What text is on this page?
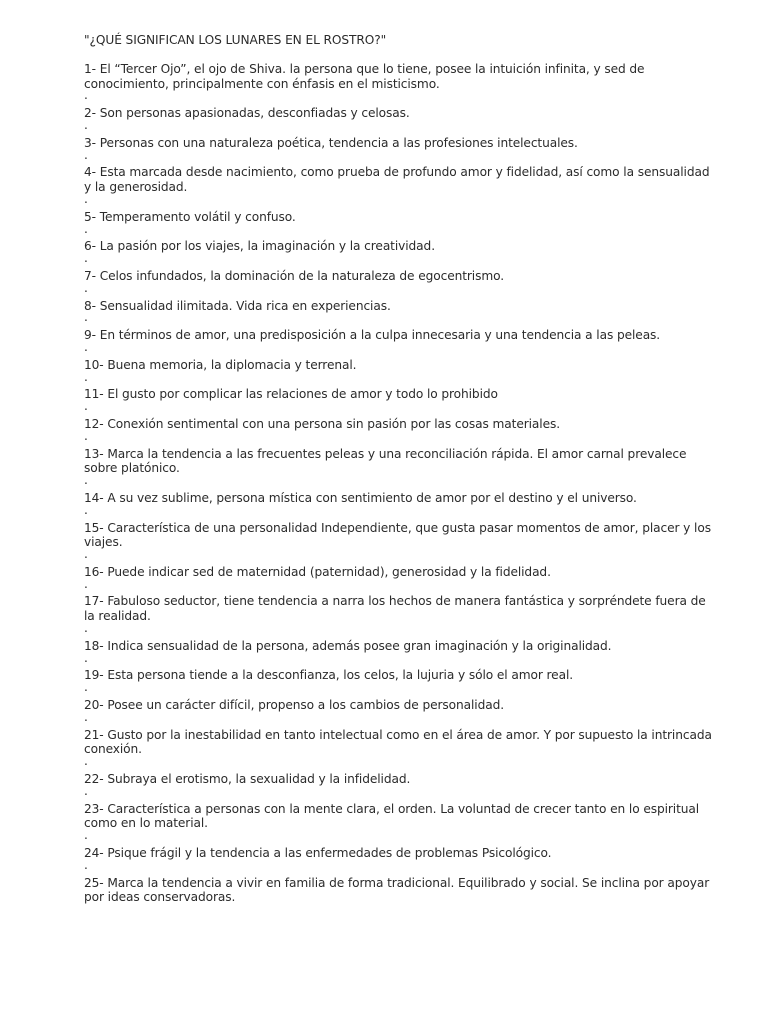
"¿QUÉ SIGNIFICAN LOS LUNARES EN EL ROSTRO?"

1- El “Tercer Ojo”, el ojo de Shiva. la persona que lo tiene, posee la intuición infinita, y sed de conocimiento, principalmente con énfasis en el misticismo.

.

2- Son personas apasionadas, desconfiadas y celosas.

.

3- Personas con una naturaleza poética, tendencia a las profesiones intelectuales.

.

4- Esta marcada desde nacimiento, como prueba de profundo amor y fidelidad, así como la sensualidad y la generosidad.

.

5- Temperamento volátil y confuso.

.

6- La pasión por los viajes, la imaginación y la creatividad.

.

7- Celos infundados, la dominación de la naturaleza de egocentrismo.

.

8- Sensualidad ilimitada. Vida rica en experiencias.

.

9- En términos de amor, una predisposición a la culpa innecesaria y una tendencia a las peleas.

.

10- Buena memoria, la diplomacia y terrenal.

.

11- El gusto por complicar las relaciones de amor y todo lo prohibido

.

12- Conexión sentimental con una persona sin pasión por las cosas materiales.

.

13- Marca la tendencia a las frecuentes peleas y una reconciliación rápida. El amor carnal prevalece sobre platónico.

.

14- A su vez sublime, persona mística con sentimiento de amor por el destino y el universo.

.

15- Característica de una personalidad Independiente, que gusta pasar momentos de amor, placer y los viajes.

.

16- Puede indicar sed de maternidad (paternidad), generosidad y la fidelidad.

.

17- Fabuloso seductor, tiene tendencia a narra los hechos de manera fantástica y sorpréndete fuera de la realidad.

.

18- Indica sensualidad de la persona, además posee gran imaginación y la originalidad.

.

19- Esta persona tiende a la desconfianza, los celos, la lujuria y sólo el amor real.

.

20- Posee un carácter difícil, propenso a los cambios de personalidad.

.

21- Gusto por la inestabilidad en tanto intelectual como en el área de amor. Y por supuesto la intrincada conexión.

.

22- Subraya el erotismo, la sexualidad y la infidelidad.

.

23- Característica a personas con la mente clara, el orden. La voluntad de crecer tanto en lo espiritual como en lo material.

.

24- Psique frágil y la tendencia a las enfermedades de problemas Psicológico.

.

25- Marca la tendencia a vivir en familia de forma tradicional. Equilibrado y social. Se inclina por apoyar por ideas conservadoras.
